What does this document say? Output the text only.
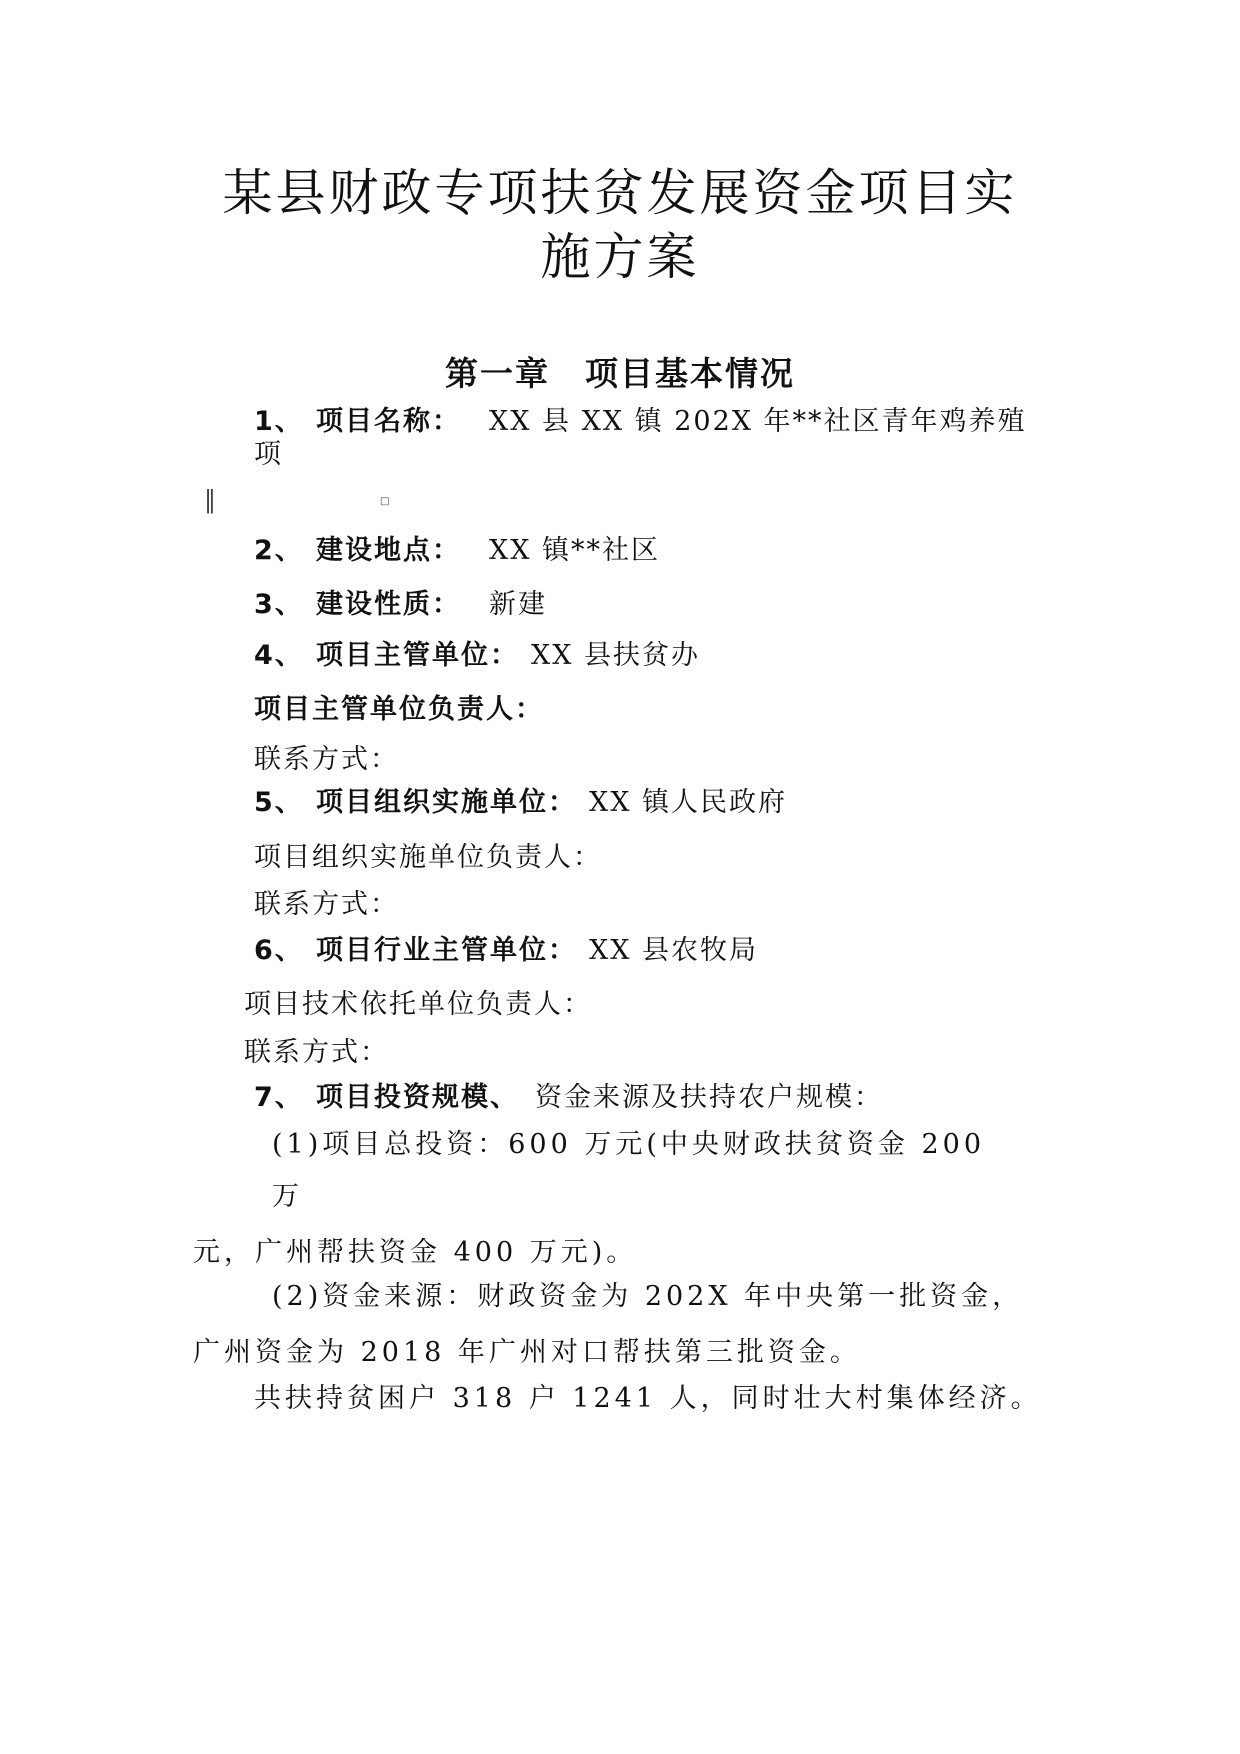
某县财政专项扶贫发展资金项目实
施方案
第一章　项目基本情况
1、 项目名称： XX 县 XX 镇 202X 年**社区青年鸡养殖
项
‖	□
2、 建设地点： XX 镇**社区
3、 建设性质： 新建
4、 项目主管单位： XX 县扶贫办
项目主管单位负责人：
联系方式：
5、 项目组织实施单位： XX 镇人民政府
项目组织实施单位负责人：
联系方式：
6、 项目行业主管单位： XX 县农牧局
项目技术依托单位负责人：
联系方式：
7、 项目投资规模、 资金来源及扶持农户规模：
(1)项目总投资：600 万元(中央财政扶贫资金 200
万
元，广州帮扶资金 400 万元)。
(2)资金来源：财政资金为 202X 年中央第一批资金，
广州资金为 2018 年广州对口帮扶第三批资金。
共扶持贫困户 318 户 1241 人，同时壮大村集体经济。
